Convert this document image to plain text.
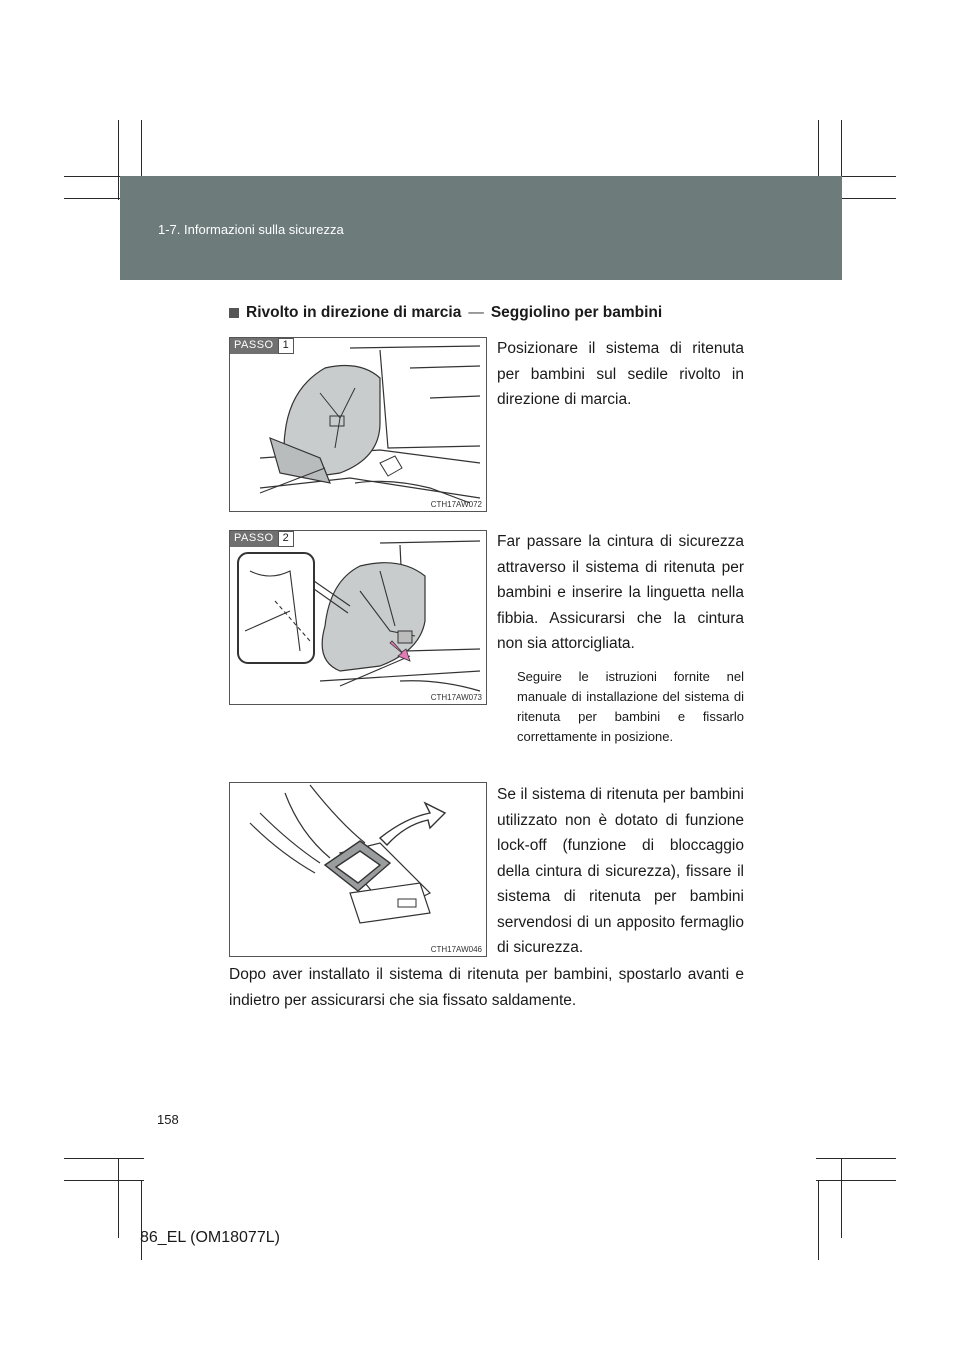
1-7. Informazioni sulla sicurezza
Rivolto in direzione di marcia — Seggiolino per bambini
PASSO 1
CTH17AW072
PASSO 2
CTH17AW073
CTH17AW046
Posizionare il sistema di ritenuta per bambini sul sedile rivolto in direzione di marcia.
Far passare la cintura di sicurezza attraverso il sistema di ritenuta per bambini e inserire la linguetta nella fibbia. Assicurarsi che la cintura non sia attorcigliata.
Seguire le istruzioni fornite nel manuale di installazione del sistema di ritenuta per bambini e fissarlo correttamente in posizione.
Se il sistema di ritenuta per bambini utilizzato non è dotato di funzione lock-off (funzione di bloccaggio della cintura di sicurezza), fissare il sistema di ritenuta per bambini servendosi di un apposito fermaglio di sicurezza.
Dopo aver installato il sistema di ritenuta per bambini, spostarlo avanti e indietro per assicurarsi che sia fissato saldamente.
158
86_EL (OM18077L)
